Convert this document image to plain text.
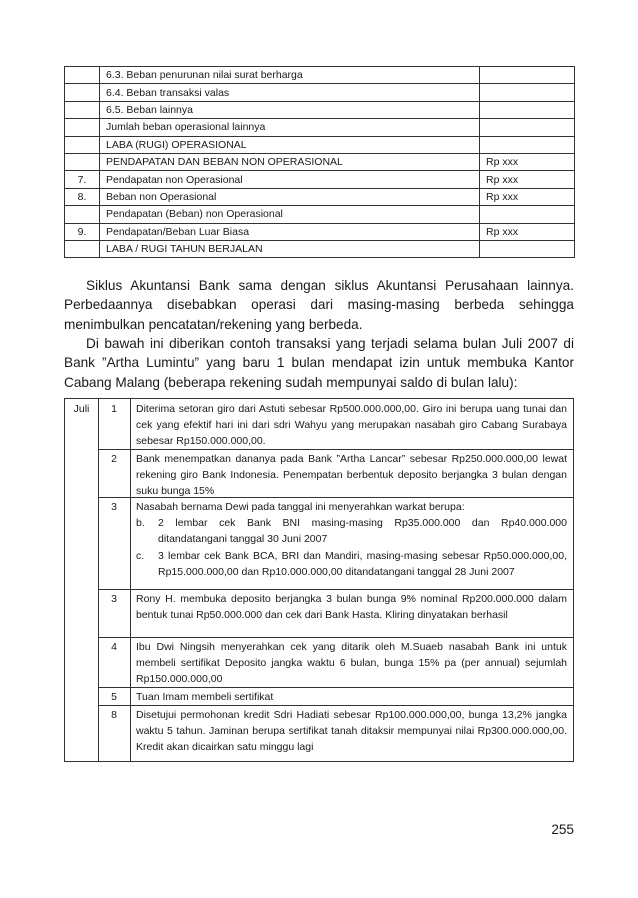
	6.3. Beban penurunan nilai surat berharga	
	6.4. Beban transaksi valas	
	6.5. Beban lainnya	
	Jumlah beban operasional lainnya	
	LABA (RUGI) OPERASIONAL	
	PENDAPATAN DAN BEBAN NON OPERASIONAL	Rp xxx
7.	Pendapatan non Operasional	Rp xxx
8.	Beban non Operasional	Rp xxx
	Pendapatan (Beban) non Operasional	
9.	Pendapatan/Beban Luar Biasa	Rp xxx
	LABA / RUGI TAHUN BERJALAN	

Siklus Akuntansi Bank sama dengan siklus Akuntansi Perusahaan lainnya. Perbedaannya disebabkan operasi dari masing-masing berbeda sehingga menimbulkan pencatatan/rekening yang berbeda.

Di bawah ini diberikan contoh transaksi yang terjadi selama bulan Juli 2007 di Bank ”Artha Lumintu” yang baru 1 bulan mendapat izin untuk membuka Kantor Cabang Malang (beberapa rekening sudah mempunyai saldo di bulan lalu):

Juli	1	Diterima setoran giro dari Astuti sebesar Rp500.000.000,00. Giro ini berupa uang tunai dan cek yang efektif hari ini dari sdri Wahyu yang merupakan nasabah giro Cabang Surabaya sebesar Rp150.000.000,00.
2	Bank menempatkan dananya pada Bank ”Artha Lancar” sebesar Rp250.000.000,00 lewat rekening giro Bank Indonesia. Penempatan berbentuk deposito berjangka 3 bulan dengan suku bunga 15%
3	Nasabah bernama Dewi pada tanggal ini menyerahkan warkat berupa:
b. 2 lembar cek Bank BNI masing-masing Rp35.000.000 dan Rp40.000.000 ditandatangani tanggal 30 Juni 2007
c. 3 lembar cek Bank BCA, BRI dan Mandiri, masing-masing sebesar Rp50.000.000,00, Rp15.000.000,00 dan Rp10.000.000,00 ditandatangani tanggal 28 Juni 2007
3	Rony H. membuka deposito berjangka 3 bulan bunga 9% nominal Rp200.000.000 dalam bentuk tunai Rp50.000.000 dan cek dari Bank Hasta. Kliring dinyatakan berhasil
4	Ibu Dwi Ningsih menyerahkan cek yang ditarik oleh M.Suaeb nasabah Bank ini untuk membeli sertifikat Deposito jangka waktu 6 bulan, bunga 15% pa (per annual) sejumlah Rp150.000.000,00
5	Tuan Imam membeli sertifikat
8	Disetujui permohonan kredit Sdri Hadiati sebesar Rp100.000.000,00, bunga 13,2% jangka waktu 5 tahun. Jaminan berupa sertifikat tanah ditaksir mempunyai nilai Rp300.000.000,00. Kredit akan dicairkan satu minggu lagi
255
